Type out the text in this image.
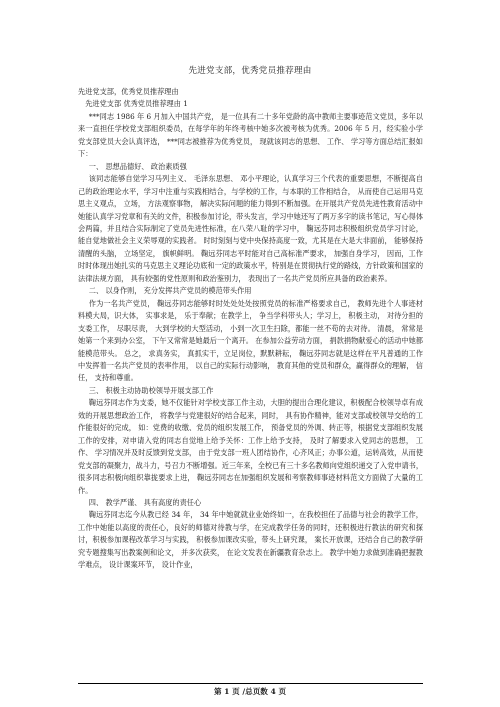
先进党支部，优秀党员推荐理由

先进党支部，优秀党员推荐理由

先进党支部 优秀党员推荐理由 1

***同志 1986 年 6 月加入中国共产党， 是一位具有二十多年党龄的高中教师主要事迹范文党员，多年以来一直担任学校党支部组织委员，在每学年的年终考核中她多次被考核为优秀。2006 年 5 月，经实验小学党支部党员大会认真评选， ***同志被推荐为优秀党员， 现就该同志的思想、 工作、 学习等方面总结汇报如下：

一、 思想品德好、 政治素质强

该同志能够自觉学习马列主义、 毛泽东思想、 邓小平理论，认真学习三个代表的重要思想，不断提高自己的政治理论水平，学习中注重与实践相结合，与学校的工作，与本职的工作相结合， 从而使自己运用马克思主义观点， 立场， 方法观察事物， 解决实际问题的能力得到不断加强。在开展共产党员先进性教育活动中她能认真学习党章和有关的文件，积极参加讨论，带头发言，学习中她还写了两万多字的读书笔记，写心得体会两篇，并且结合实际制定了党员先进性标准，在八荣八耻的学习中， 鞠远芬同志积极组织党员学习讨论，能自觉地做社会主义荣辱观的实践者。 时时刻刻与党中央保持高度一致，尤其是在大是大非面前， 能够保持清醒的头脑， 立场坚定， 旗帜鲜明。 鞠远芬同志平时能对自己高标准严要求， 加强自身学习， 因而，工作时时体现出她扎实的马克思主义理论功底和一定的政策水平，特别是在贯彻执行党的路线，方针政策和国家的法律法规方面， 具有较强的党性原则和政治鉴别力， 表现出了一名共产党员所应具备的政治素养。

二、 以身作则， 充分发挥共产党员的模范带头作用

作为一名共产党员， 鞠远芬同志能够时时处处处处按照党员的标准严格要求自己， 教师先进个人事迹材料模大局，识大体， 实事求是， 乐于奉献；在教学上， 争当学科带头人；学习上， 积极主动， 对待分担的支委工作， 尽职尽责， 大到学校的大型活动， 小到一次卫生扫除，都能一丝不苟的去对待。 清晨， 常常是她第一个来到办公室， 下午又常常是她最后一个离开。 在参加公益劳动方面， 捐款捐物献爱心的活动中她都能模范带头。 总之， 求真务实， 真抓实干，立足岗位，默默耕耘， 鞠远芬同志就是这样在平凡普通的工作中发挥着一名共产党员的表率作用， 以自己的实际行动影响， 教育其他的党员和群众，赢得群众的理解， 信任， 支持和尊重。

三、 积极主动协助校领导开展支部工作

鞠远芬同志作为支委，她不仅能针对学校支部工作主动，大胆的提出合理化建议，积极配合校领导卓有成效的开展思想政治工作， 将教学与党建很好的结合起来，同时， 具有协作精神，能对支部或校领导交给的工作能很好的完成， 如：党费的收缴、党员的组织发展工作， 预备党员的外调、转正等，根据党支部组织发展工作的安排，对申请入党的同志自觉地上给予关怀：工作上给予支持， 及时了解要求入党同志的思想， 工作、 学习情况并及时反馈到党支部， 由于党支部一班人团结协作，心齐风正；办事公道，运转高效，从而使党支部的凝聚力，战斗力，号召力不断增强。近三年来，全校已有三十多名教师向党组织递交了入党申请书，很多同志积极向组织靠拢要求上进， 鞠远芬同志在加强组织发展和考察教师事迹材料范文方面做了大量的工作。

四、 教学严谨、 具有高度的责任心

鞠远芬同志迄今从教已经 34 年， 34 年中她就就业业始终如一，在我校担任了品德与社会的教学工作，工作中她能以高度的责任心，良好的师德对待教与学，在完成教学任务的同时，还积极进行教法的研究和探讨，积极参加课程改革学习与实践， 积极参加课改实验，带头上研究课， 案长开放课，还结合自己的教学研究专题搜集写出教案例和论文， 并多次获奖， 在论文发表在新疆教育杂志上。 教学中她力求做到准确把握教学难点， 设计课案环节， 设计作业，

第 1 页 /总页数 4 页
